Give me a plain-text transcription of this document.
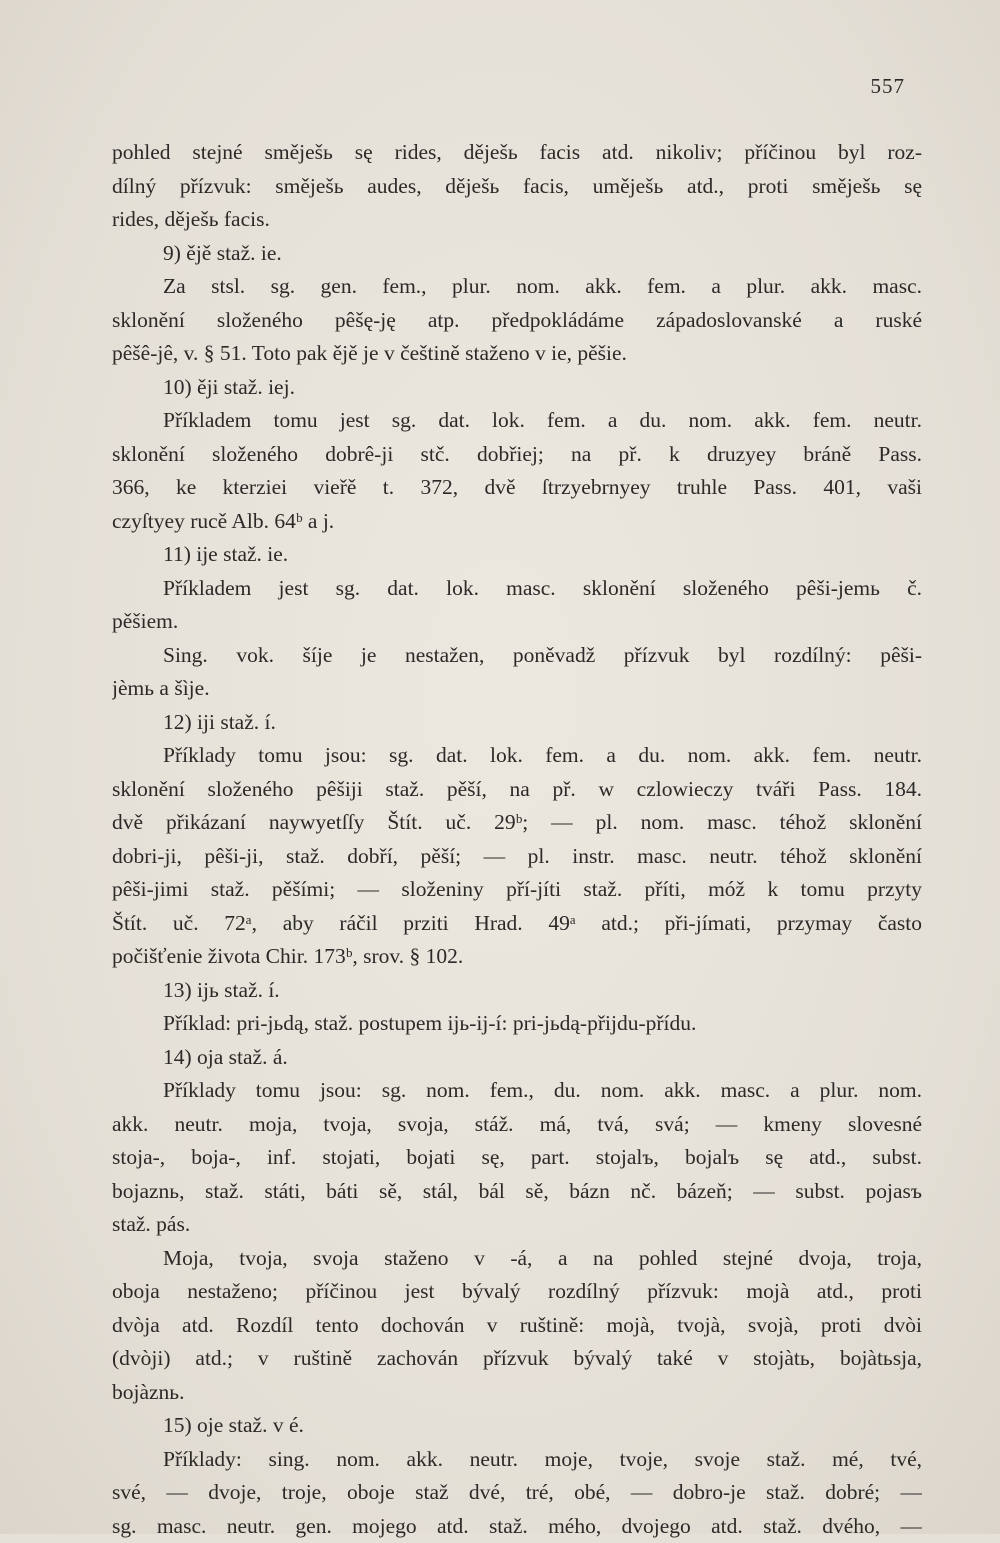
557
pohled stejné směješь sę rides, děješь facis atd. nikoliv; příčinou byl roz-
dílný přízvuk: směješь audes, děješь facis, uměješь atd., proti směješь sę
rides, děješь facis.
9) ějě staž. ie.
Za stsl. sg. gen. fem., plur. nom. akk. fem. a plur. akk. masc.
sklonění složeného pêšę-ję atp. předpokládáme západoslovanské a ruské
pêšê-jê, v. § 51. Toto pak ějě je v češtině staženo v ie, pěšie.
10) ěji staž. iej.
Příkladem tomu jest sg. dat. lok. fem. a du. nom. akk. fem. neutr.
sklonění složeného dobrê-ji stč. dobřiej; na př. k druzyey bráně Pass.
366, ke kterziei vieřě t. 372, dvě ſtrzyebrnyey truhle Pass. 401, vaši
czyſtyey rucě Alb. 64ᵇ a j.
11) ije staž. ie.
Příkladem jest sg. dat. lok. masc. sklonění složeného pêši-jemь č.
pěšiem.
Sing. vok. šíje je nestažen, poněvadž přízvuk byl rozdílný: pêši-
jèmь a šìje.
12) iji staž. í.
Příklady tomu jsou: sg. dat. lok. fem. a du. nom. akk. fem. neutr.
sklonění složeného pêšiji staž. pěší, na př. w czlowieczy tváři Pass. 184.
dvě přikázaní naywyetſſy Štít. uč. 29ᵇ; — pl. nom. masc. téhož sklonění
dobri-ji, pêši-ji, staž. dobří, pěší; — pl. instr. masc. neutr. téhož sklonění
pêši-jimi staž. pěšími; — složeniny pří-jíti staž. příti, móž k tomu przyty
Štít. uč. 72ᵃ, aby ráčil prziti Hrad. 49ᵃ atd.; při-jímati, przymay často
počišťenie života Chir. 173ᵇ, srov. § 102.
13) ijь staž. í.
Příklad: pri-jьdą, staž. postupem ijь-ij-í: pri-jьdą-přijdu-přídu.
14) oja staž. á.
Příklady tomu jsou: sg. nom. fem., du. nom. akk. masc. a plur. nom.
akk. neutr. moja, tvoja, svoja, stáž. má, tvá, svá; — kmeny slovesné
stoja-, boja-, inf. stojati, bojati sę, part. stojalъ, bojalъ sę atd., subst.
bojaznь, staž. státi, báti sě, stál, bál sě, bázn nč. bázeň; — subst. pojasъ
staž. pás.
Moja, tvoja, svoja staženo v -á, a na pohled stejné dvoja, troja,
oboja nestaženo; příčinou jest bývalý rozdílný přízvuk: mojà atd., proti
dvòja atd. Rozdíl tento dochován v ruštině: mojà, tvojà, svojà, proti dvòi
(dvòji) atd.; v ruštině zachován přízvuk bývalý také v stojàtь, bojàtьsja,
bojàznь.
15) oje staž. v é.
Příklady: sing. nom. akk. neutr. moje, tvoje, svoje staž. mé, tvé,
své, — dvoje, troje, oboje staž dvé, tré, obé, — dobro-je staž. dobré; —
sg. masc. neutr. gen. mojego atd. staž. mého, dvojego atd. staž. dvého, —
